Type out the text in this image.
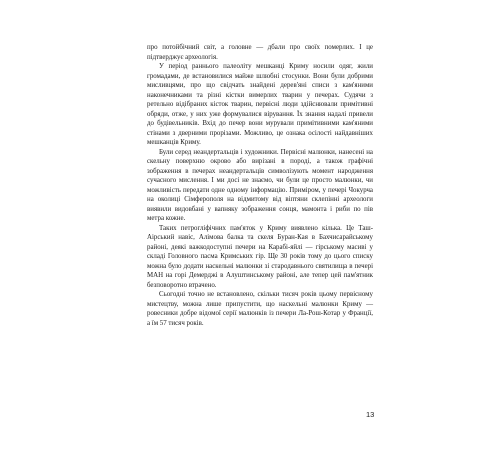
про потойбічний світ, а головне — дбали про своїх померлих. І це підтверджує археологія.

У період раннього палеоліту мешканці Криму носили одяг, жили громадами, де встановилися майже шлюбні стосунки. Вони були добрими мисливцями, про що свідчать знайдені дерев'яні списи з кам'яними наконечниками та різні кістки вимерлих тварин у печерах. Судячи з ретельно відібраних кісток тварин, первісні люди здійснювали примітивні обряди, отже, у них уже формувалися вірування. Їх знання надалі привели до будівельників. Вхід до печер вони мурували примітивними кам'яними стінами з дверними прорізами. Можливо, це ознака осілості найдавніших мешканців Криму.

Були серед неандертальців і художники. Первісні малюнки, нанесені на скельну поверхню окрово або вирізані в породі, а також графічні зображення в печерах неандертальців символізують момент народження сучасного мислення. І ми досі не знаємо, чи були це просто малюнки, чи можливість передати одне одному інформацію. Приміром, у печері Чокурча на околиці Сімферополя на відмитому від віптяни склепінні археологи виявили видовбані у вапняку зображення сонця, мамонта і риби по пів метра кожне.

Таких петрогліфічних пам'яток у Криму виявлено кілька. Це Таш-Аірський навіс, Алімова балка та скеля Буран-Кая в Бахчисарайському районі, деякі важкодоступні печери на Карабі-яйлі — гірському масиві у складі Головного пасма Кримських гір. Ще 30 років тому до цього списку можна було додати наскельні малюнки зі стародавнього святилища в печері МАН на горі Демерджі в Алуштинському районі, але тепер цей пам'ятник безповоротно втрачено.

Сьогодні точно не встановлено, скільки тисяч років цьому первісному мистецтву, можна лише припустити, що наскельні малюнки Криму — ровесники добре відомої серії малюнків із печери Ла-Рош-Котар у Франції, а їм 57 тисяч років.

13
